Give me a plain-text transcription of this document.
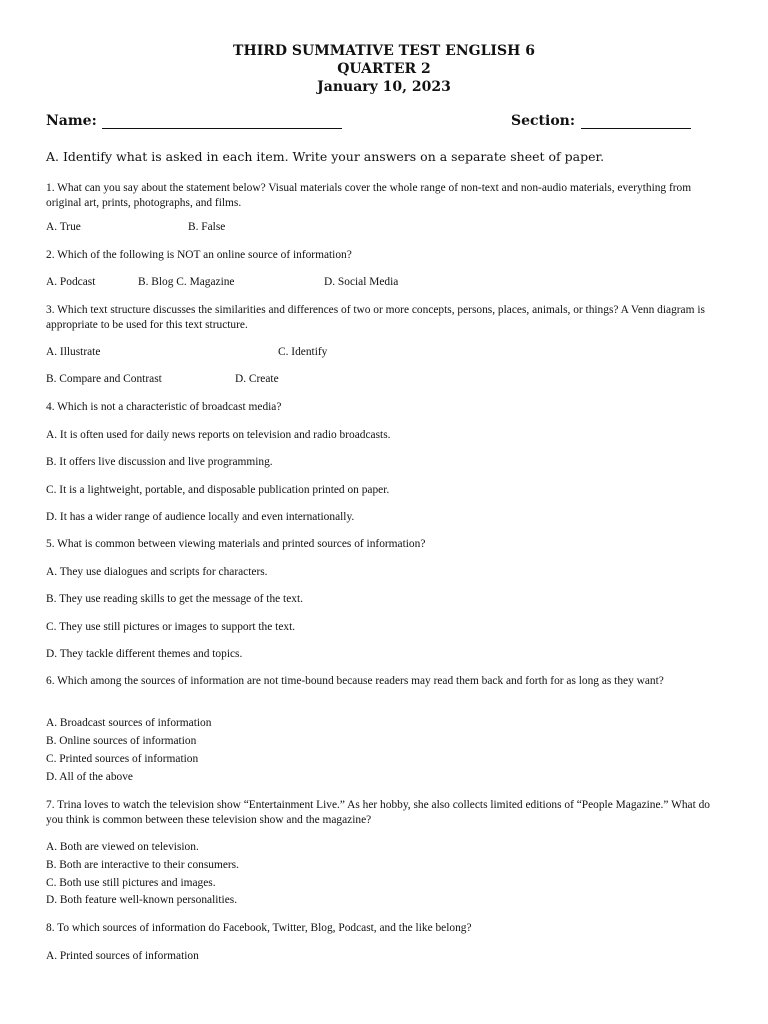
THIRD SUMMATIVE TEST ENGLISH 6
QUARTER 2
January 10, 2023
Name:	Section:
A. Identify what is asked in each item. Write your answers on a separate sheet of paper.
1. What can you say about the statement below? Visual materials cover the whole range of non-text and non-audio materials, everything from original art, prints, photographs, and films.
A. True	B. False
2. Which of the following is NOT an online source of information?
A. Podcast	B. Blog C. Magazine	D. Social Media
3. Which text structure discusses the similarities and differences of two or more concepts, persons, places, animals, or things? A Venn diagram is appropriate to be used for this text structure.
A. Illustrate	C. Identify
B. Compare and Contrast	D. Create
4. Which is not a characteristic of broadcast media?
A. It is often used for daily news reports on television and radio broadcasts.
B. It offers live discussion and live programming.
C. It is a lightweight, portable, and disposable publication printed on paper.
D. It has a wider range of audience locally and even internationally.
5. What is common between viewing materials and printed sources of information?
A. They use dialogues and scripts for characters.
B. They use reading skills to get the message of the text.
C. They use still pictures or images to support the text.
D. They tackle different themes and topics.
6. Which among the sources of information are not time-bound because readers may read them back and forth for as long as they want?
A. Broadcast sources of information
B. Online sources of information
C. Printed sources of information
D. All of the above
7. Trina loves to watch the television show “Entertainment Live.” As her hobby, she also collects limited editions of “People Magazine.” What do you think is common between these television show and the magazine?
A. Both are viewed on television.
B. Both are interactive to their consumers.
C. Both use still pictures and images.
D. Both feature well-known personalities.
8. To which sources of information do Facebook, Twitter, Blog, Podcast, and the like belong?
A. Printed sources of information
